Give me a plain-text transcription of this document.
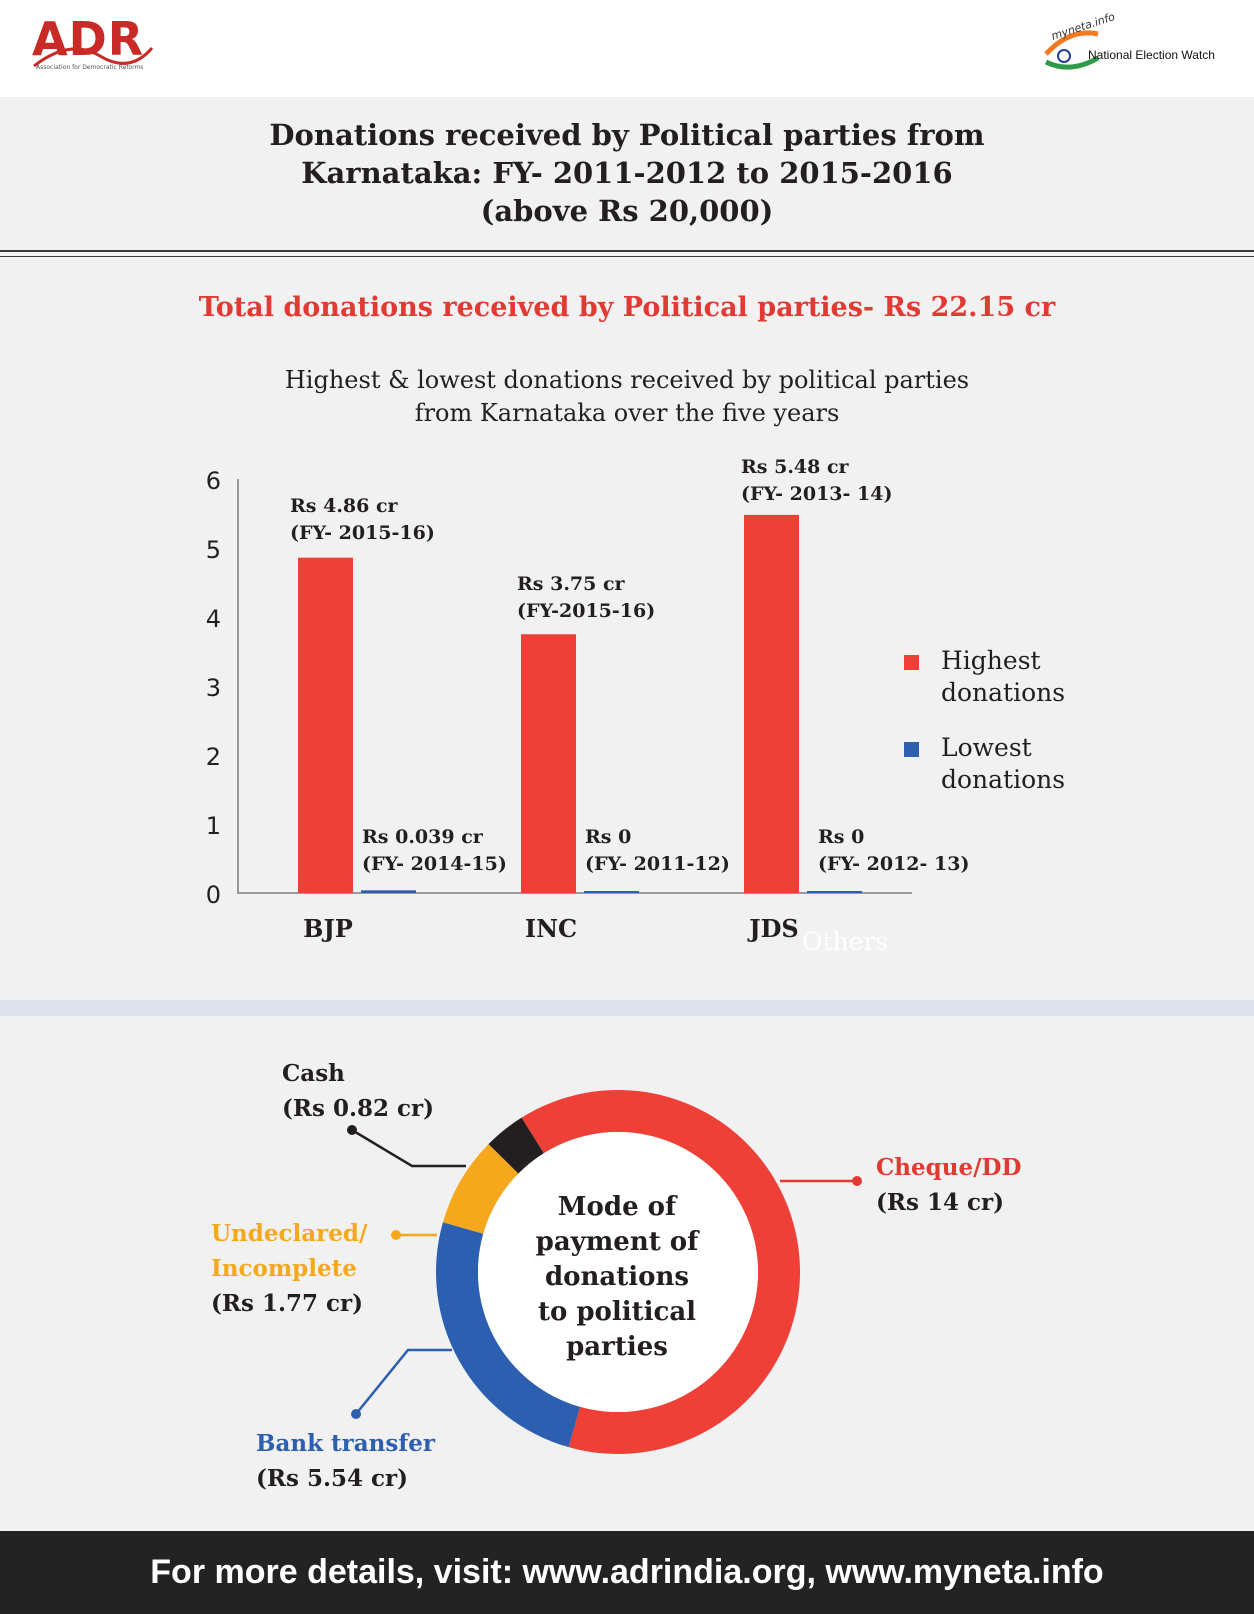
ADR
Association for Democratic Reforms
myneta.info
National Election Watch
Donations received by Political parties from
Karnataka: FY- 2011-2012 to 2015-2016
(above Rs 20,000)
Total donations received by Political parties- Rs 22.15 cr
Highest & lowest donations received by political parties
from Karnataka over the five years
0
1
2
3
4
5
6
BJP	INC	JDS
Rs 4.86 cr
(FY- 2015-16)
Rs 3.75 cr
(FY-2015-16)
Rs 5.48 cr
(FY- 2013- 14)
Rs 0.039 cr
(FY- 2014-15)
Rs 0
(FY- 2011-12)
Rs 0
(FY- 2012- 13)
Others
Highest
donations
Lowest
donations
Mode of
payment of
donations
to political
parties
Cash
(Rs 0.82 cr)
Cheque/DD
(Rs 14 cr)
Undeclared/
Incomplete
(Rs 1.77 cr)
Bank transfer
(Rs 5.54 cr)
For more details, visit: www.adrindia.org, www.myneta.info
